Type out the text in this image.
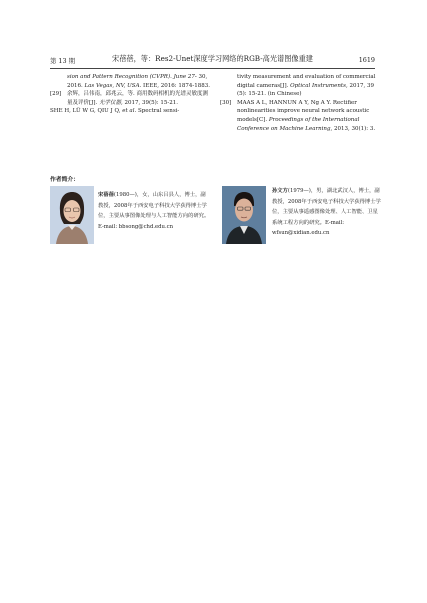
第 13 期	宋蓓蓓，等：Res2-Unet深度学习网络的RGB-高光谱图像重建	1619
sion and Pattern Recognition (CVPR). June 27- 30, 2016. Las Vegas, NV, USA. IEEE, 2016: 1874-1883.
[29]	余辉，吕伟南，邱兆云，等. 商用数码相机的光谱灵敏度测量及评价[J]. 光学仪器, 2017, 39(5): 15-21.
SHE H, LÜ W G, QIU J Q, et al. Spectral sensi-
tivity measurement and evaluation of commercial digital cameras[J]. Optical Instruments, 2017, 39 (5): 15-21. (in Chinese)
[30]	MAAS A L, HANNUN A Y, Ng A Y. Rectifier nonlinearities improve neural network acoustic models[C]. Proceedings of the International Conference on Machine Learning, 2013, 30(1): 3.
作者简介：
宋蓓蓓(1980—)，女，山东吕县人，博士，副教授，2008年于西安电子科技大学获得博士学位，主要从事图像处理与人工智能方向的研究。E-mail: bbsong@chd.edu.cn
孙文方(1979—)，男，湖北武汉人，博士，副教授，2008年于西安电子科技大学获得博士学位，主要从事遥感图像处理、人工智能、卫星系统工程方向的研究。E-mail: wfsun@xidian.edu.cn
